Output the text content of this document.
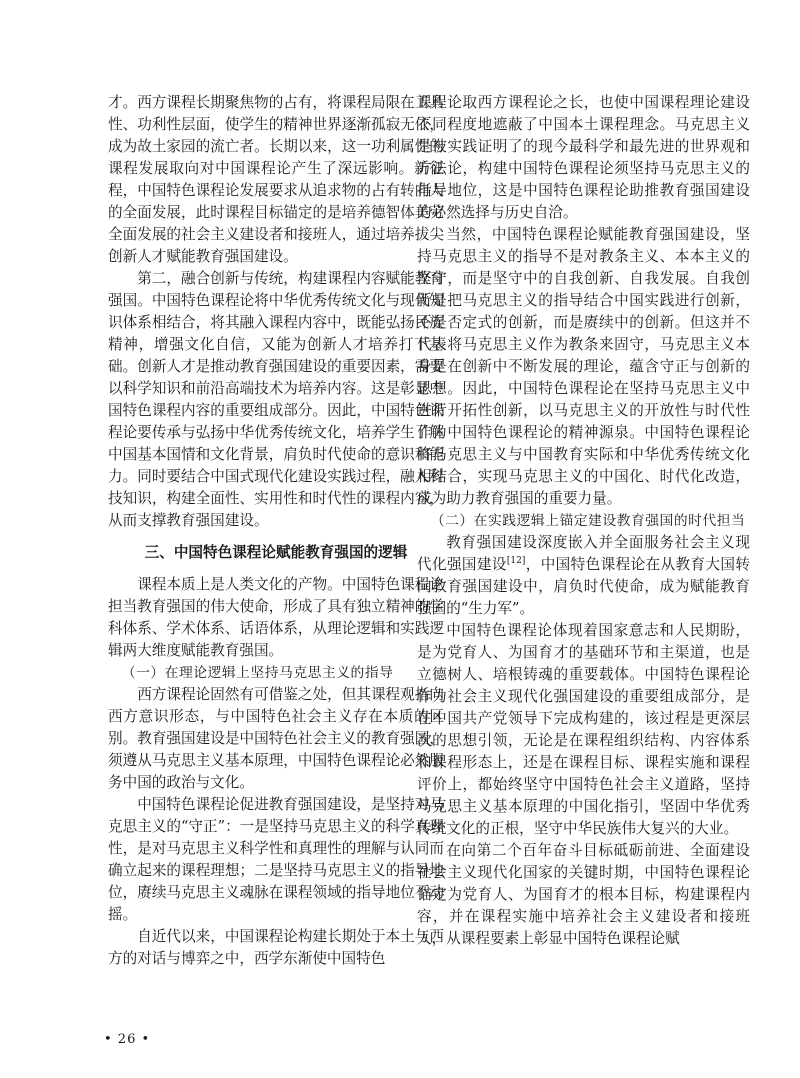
才。西方课程长期聚焦物的占有，将课程局限在工具性、功利性层面，使学生的精神世界逐渐孤寂无依，成为故土家园的流亡者。长期以来，这一功利属性的课程发展取向对中国课程论产生了深远影响。新征程，中国特色课程论发展要求从追求物的占有转向人的全面发展，此时课程目标锚定的是培养德智体美劳全面发展的社会主义建设者和接班人，通过培养拔尖创新人才赋能教育强国建设。

第二，融合创新与传统，构建课程内容赋能教育强国。中国特色课程论将中华优秀传统文化与现代知识体系相结合，将其融入课程内容中，既能弘扬民族精神，增强文化自信，又能为创新人才培养打下基础。创新人才是推动教育强国建设的重要因素，需要以科学知识和前沿高端技术为培养内容。这是彰显中国特色课程内容的重要组成部分。因此，中国特色课程论要传承与弘扬中华优秀传统文化，培养学生了解中国基本国情和文化背景，肩负时代使命的意识和能力。同时要结合中国式现代化建设实践过程，融入科技知识，构建全面性、实用性和时代性的课程内容，从而支撑教育强国建设。

三、中国特色课程论赋能教育强国的逻辑

课程本质上是人类文化的产物。中国特色课程论担当教育强国的伟大使命，形成了具有独立精神的学科体系、学术体系、话语体系，从理论逻辑和实践逻辑两大维度赋能教育强国。

（一）在理论逻辑上坚持马克思主义的指导

西方课程论固然有可借鉴之处，但其课程观指向西方意识形态，与中国特色社会主义存在本质的区别。教育强国建设是中国特色社会主义的教育强国，须遵从马克思主义基本原理，中国特色课程论必然服务中国的政治与文化。

中国特色课程论促进教育强国建设，是坚持对马克思主义的“守正”：一是坚持马克思主义的科学真理性，是对马克思主义科学性和真理性的理解与认同而确立起来的课程理想；二是坚持马克思主义的指导地位，赓续马克思主义魂脉在课程领域的指导地位不动摇。

自近代以来，中国课程论构建长期处于本土与西方的对话与博弈之中，西学东渐使中国特色

课程论取西方课程论之长，也使中国课程理论建设不同程度地遮蔽了中国本土课程理念。马克思主义是被实践证明了的现今最科学和最先进的世界观和方法论，构建中国特色课程论须坚持马克思主义的指导地位，这是中国特色课程论助推教育强国建设的必然选择与历史自洽。

当然，中国特色课程论赋能教育强国建设，坚持马克思主义的指导不是对教条主义、本本主义的坚守，而是坚守中的自我创新、自我发展。自我创新是把马克思主义的指导结合中国实践进行创新，不是否定式的创新，而是赓续中的创新。但这并不代表将马克思主义作为教条来固守，马克思主义本身是在创新中不断发展的理论，蕴含守正与创新的思想。因此，中国特色课程论在坚持马克思主义中进行开拓性创新，以马克思主义的开放性与时代性作为中国特色课程论的精神源泉。中国特色课程论将马克思主义与中国教育实际和中华优秀传统文化相结合，实现马克思主义的中国化、时代化改造，成为助力教育强国的重要力量。

（二）在实践逻辑上锚定建设教育强国的时代担当

教育强国建设深度嵌入并全面服务社会主义现代化强国建设[12]，中国特色课程论在从教育大国转向教育强国建设中，肩负时代使命，成为赋能教育强国的“生力军”。

中国特色课程论体现着国家意志和人民期盼，是为党育人、为国育才的基础环节和主渠道，也是立德树人、培根铸魂的重要载体。中国特色课程论作为社会主义现代化强国建设的重要组成部分，是在中国共产党领导下完成构建的，该过程是更深层次的思想引领，无论是在课程组织结构、内容体系和课程形态上，还是在课程目标、课程实施和课程评价上，都始终坚守中国特色社会主义道路，坚持马克思主义基本原理的中国化指引，坚固中华优秀传统文化的正根，坚守中华民族伟大复兴的大业。

在向第二个百年奋斗目标砥砺前进、全面建设社会主义现代化国家的关键时期，中国特色课程论锚定为党育人、为国育才的根本目标，构建课程内容，并在课程实施中培养社会主义建设者和接班人，从课程要素上彰显中国特色课程论赋

• 26 •
